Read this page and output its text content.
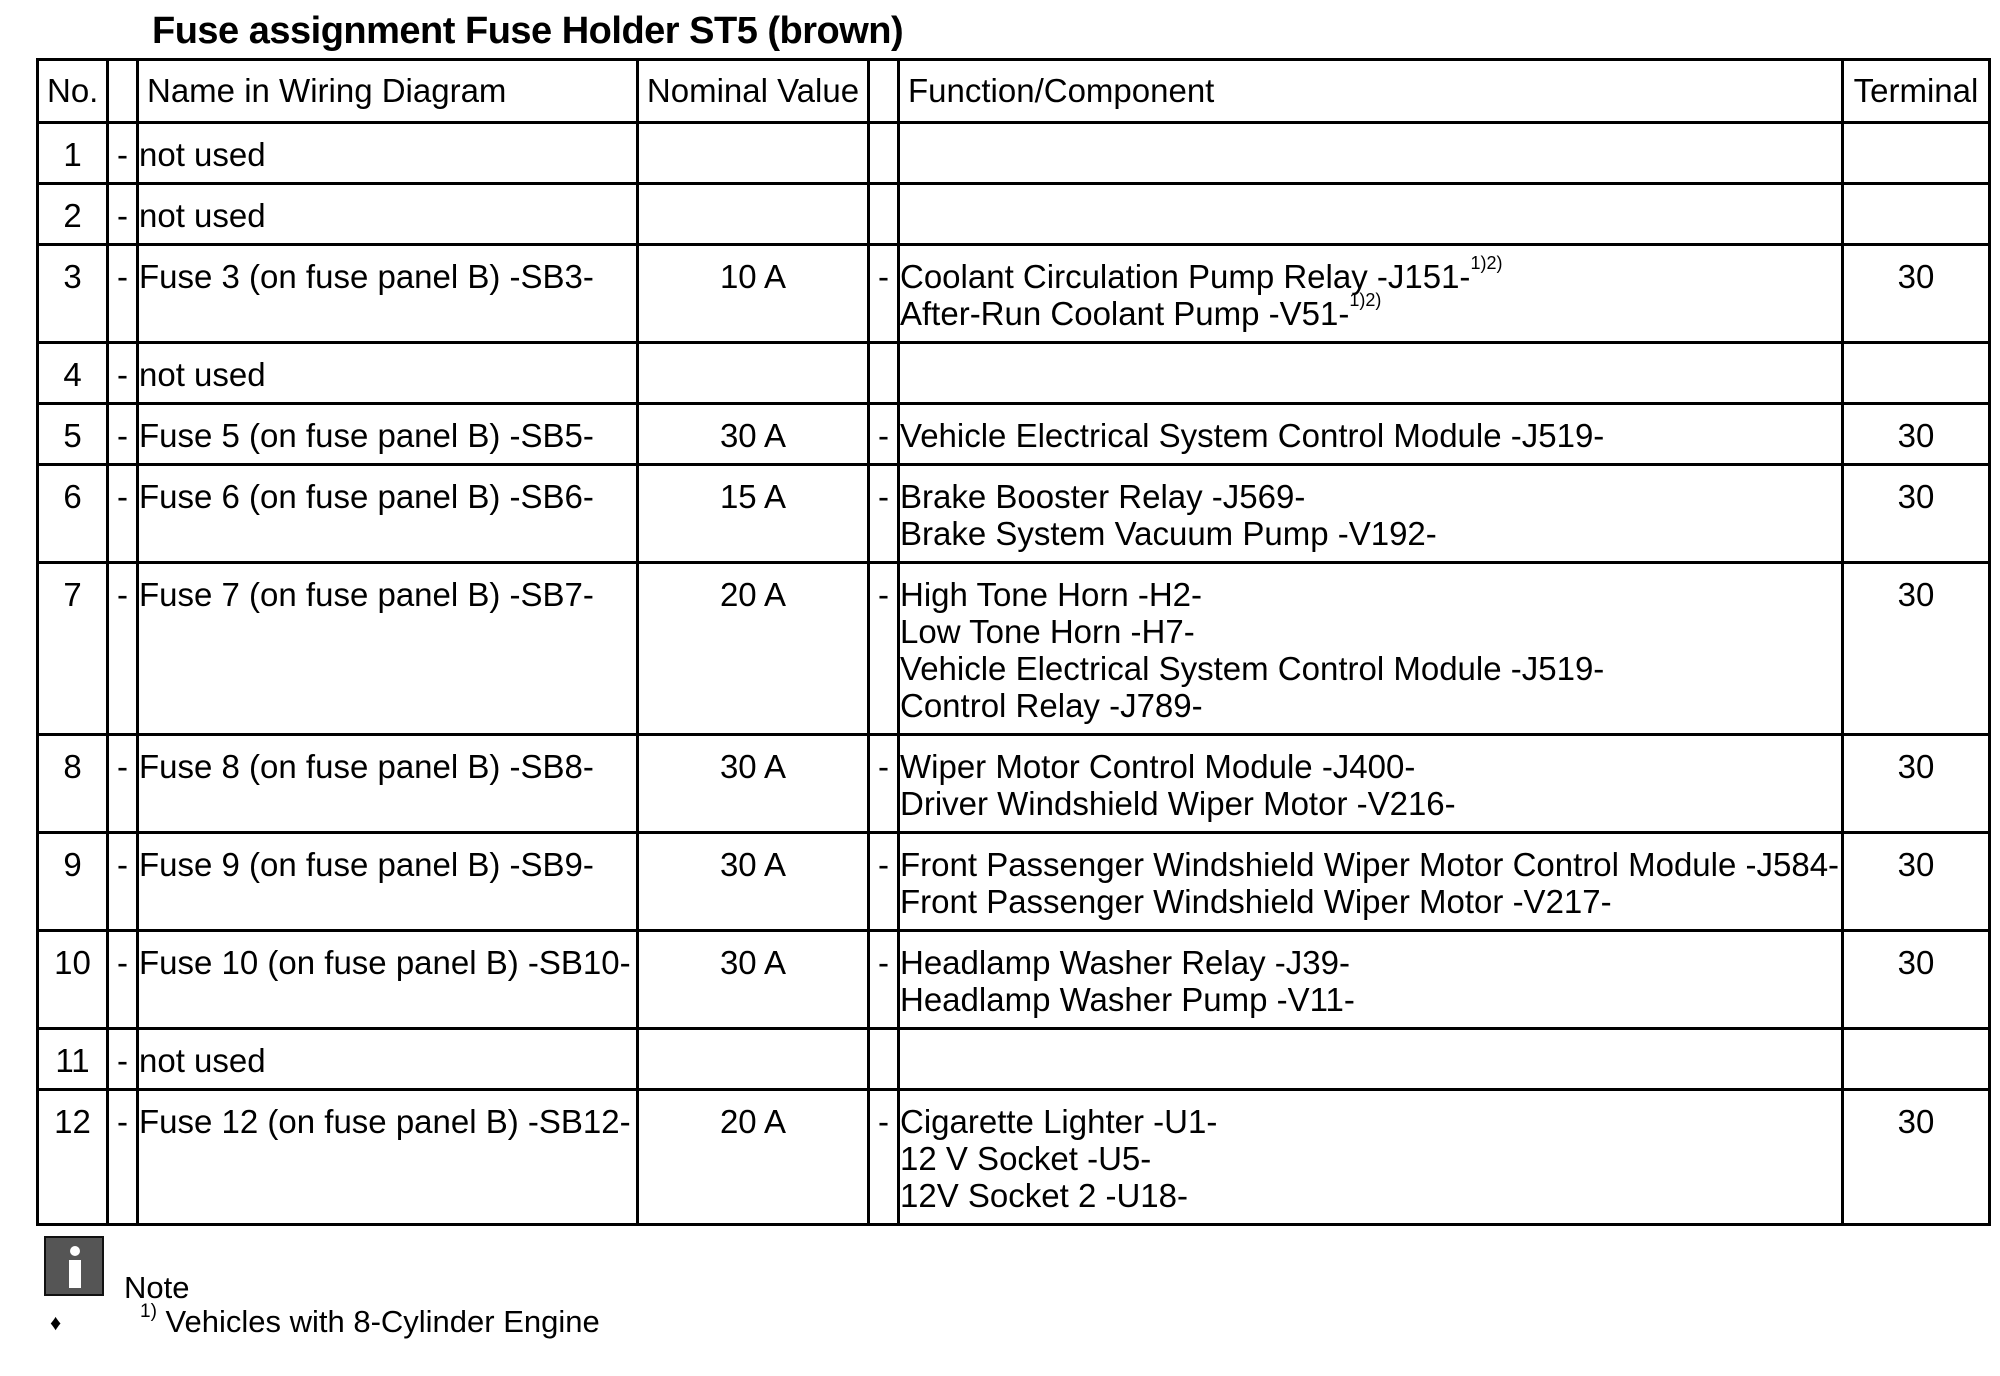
Fuse assignment Fuse Holder ST5 (brown)
No.		Name in Wiring Diagram	Nominal Value		Function/Component	Terminal
1	-	not used				
2	-	not used				
3	-	Fuse 3 (on fuse panel B) -SB3-	10 A	-	Coolant Circulation Pump Relay -J151-$^{1)2)}$
After-Run Coolant Pump -V51-$^{1)2)}$	30
4	-	not used				
5	-	Fuse 5 (on fuse panel B) -SB5-	30 A	-	Vehicle Electrical System Control Module -J519-	30
6	-	Fuse 6 (on fuse panel B) -SB6-	15 A	-	Brake Booster Relay -J569-
Brake System Vacuum Pump -V192-	30
7	-	Fuse 7 (on fuse panel B) -SB7-	20 A	-	High Tone Horn -H2-
Low Tone Horn -H7-
Vehicle Electrical System Control Module -J519-
Control Relay -J789-	30
8	-	Fuse 8 (on fuse panel B) -SB8-	30 A	-	Wiper Motor Control Module -J400-
Driver Windshield Wiper Motor -V216-	30
9	-	Fuse 9 (on fuse panel B) -SB9-	30 A	-	Front Passenger Windshield Wiper Motor Control Module -J584-
Front Passenger Windshield Wiper Motor -V217-	30
10	-	Fuse 10 (on fuse panel B) -SB10-	30 A	-	Headlamp Washer Relay -J39-
Headlamp Washer Pump -V11-	30
11	-	not used				
12	-	Fuse 12 (on fuse panel B) -SB12-	20 A	-	Cigarette Lighter -U1-
12 V Socket -U5-
12V Socket 2 -U18-	30
Note
♦	$^{1)}$ Vehicles with 8-Cylinder Engine
